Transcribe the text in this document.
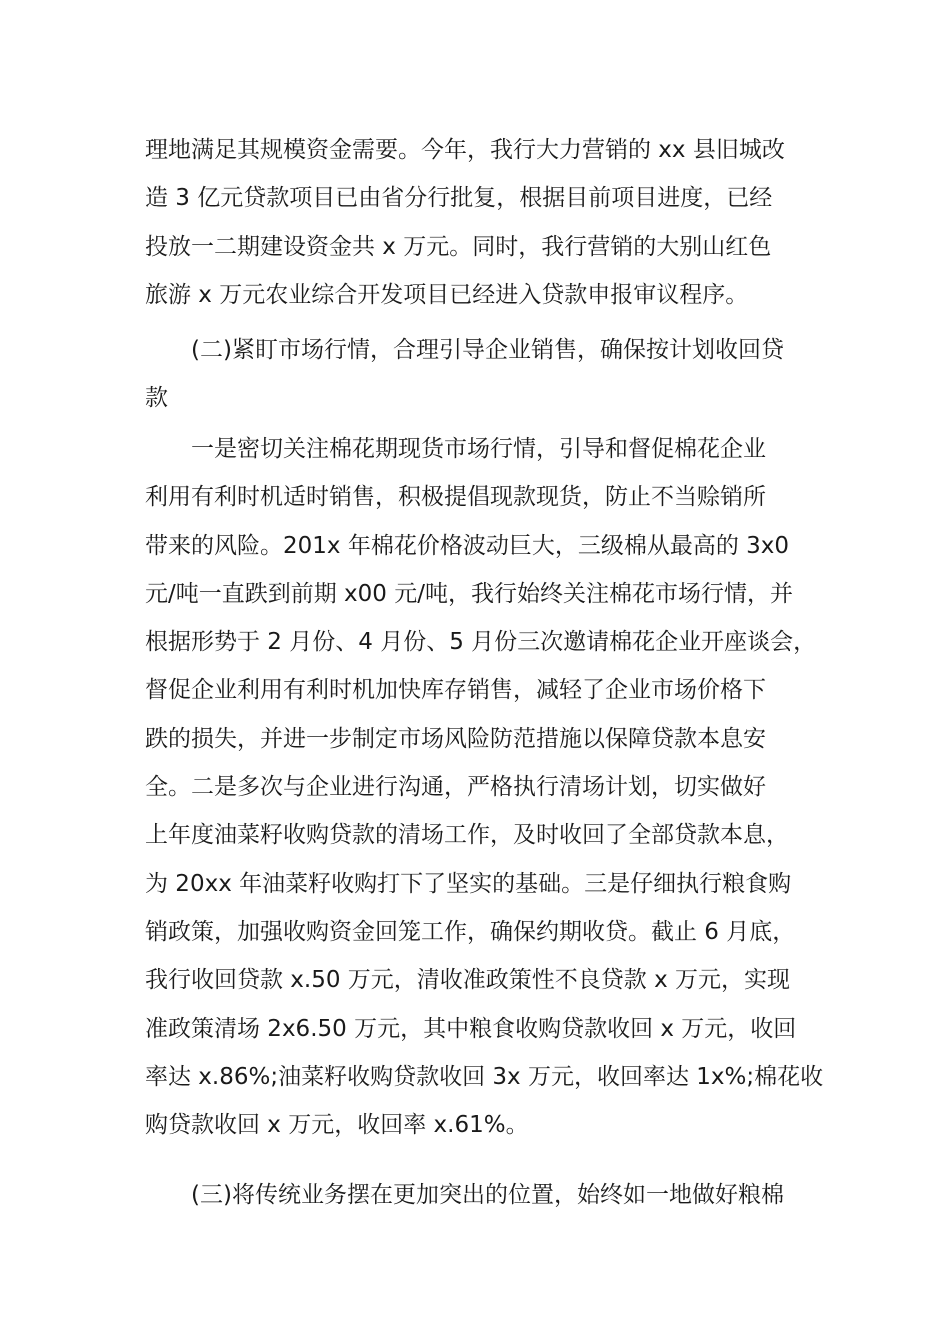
理地满足其规模资金需要。今年，我行大力营销的 xx 县旧城改
造 3 亿元贷款项目已由省分行批复，根据目前项目进度，已经
投放一二期建设资金共 x 万元。同时，我行营销的大别山红色
旅游 x 万元农业综合开发项目已经进入贷款申报审议程序。
(二)紧盯市场行情，合理引导企业销售，确保按计划收回贷
款
一是密切关注棉花期现货市场行情，引导和督促棉花企业
利用有利时机适时销售，积极提倡现款现货，防止不当赊销所
带来的风险。201x 年棉花价格波动巨大，三级棉从最高的 3x0
元/吨一直跌到前期 x00 元/吨，我行始终关注棉花市场行情，并
根据形势于 2 月份、4 月份、5 月份三次邀请棉花企业开座谈会，
督促企业利用有利时机加快库存销售，减轻了企业市场价格下
跌的损失，并进一步制定市场风险防范措施以保障贷款本息安
全。二是多次与企业进行沟通，严格执行清场计划，切实做好
上年度油菜籽收购贷款的清场工作，及时收回了全部贷款本息，
为 20xx 年油菜籽收购打下了坚实的基础。三是仔细执行粮食购
销政策，加强收购资金回笼工作，确保约期收贷。截止 6 月底，
我行收回贷款 x.50 万元，清收准政策性不良贷款 x 万元，实现
准政策清场 2x6.50 万元，其中粮食收购贷款收回 x 万元，收回
率达 x.86%;油菜籽收购贷款收回 3x 万元，收回率达 1x%;棉花收
购贷款收回 x 万元，收回率 x.61%。
(三)将传统业务摆在更加突出的位置，始终如一地做好粮棉
